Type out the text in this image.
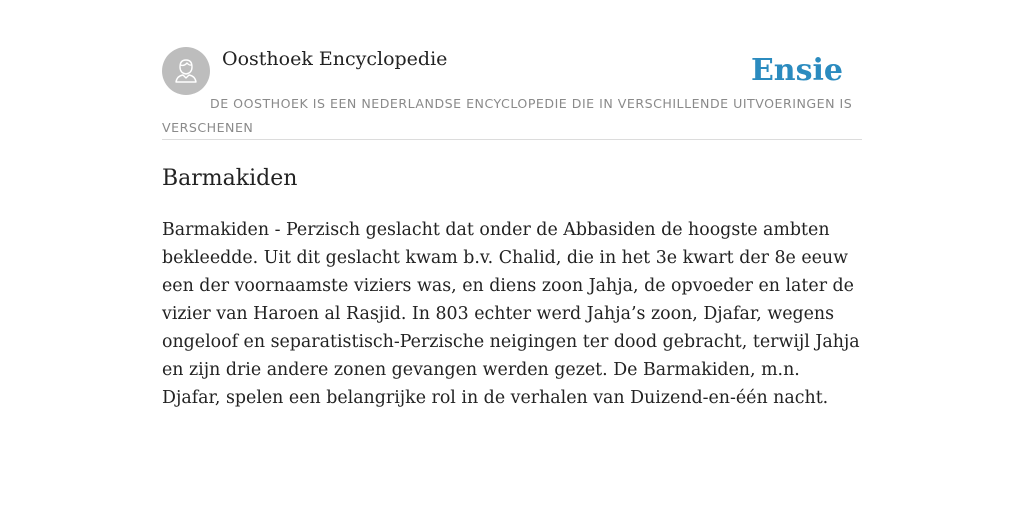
Oosthoek Encyclopedie	Ensie
DE OOSTHOEK IS EEN NEDERLANDSE ENCYCLOPEDIE DIE IN VERSCHILLENDE UITVOERINGEN IS VERSCHENEN
Barmakiden

Barmakiden - Perzisch geslacht dat onder de Abbasiden de hoogste ambten bekleedde. Uit dit geslacht kwam b.v. Chalid, die in het 3e kwart der 8e eeuw een der voornaamste viziers was, en diens zoon Jahja, de opvoeder en later de vizier van Haroen al Rasjid. In 803 echter werd Jahja’s zoon, Djafar, wegens ongeloof en separatistisch-Perzische neigingen ter dood gebracht, terwijl Jahja en zijn drie andere zonen gevangen werden gezet. De Barmakiden, m.n. Djafar, spelen een belangrijke rol in de verhalen van Duizend-en-één nacht.
